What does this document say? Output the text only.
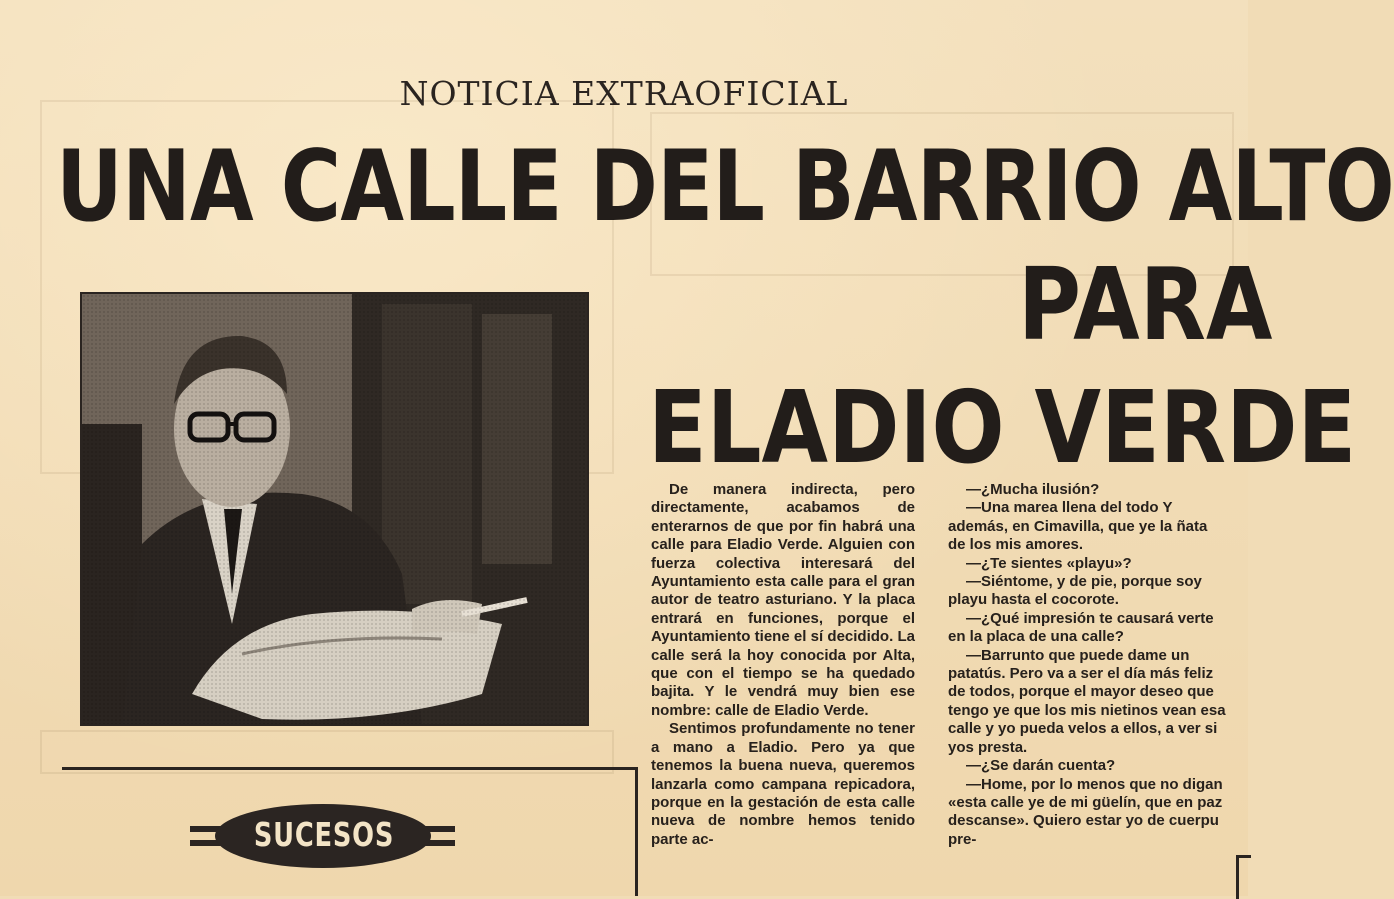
NOTICIA EXTRAOFICIAL
UNA CALLE DEL BARRIO ALTO
PARA
ELADIO VERDE
SUCESOS

De manera indirecta, pero directamente, acabamos de enterarnos de que por fin habrá una calle para Eladio Verde. Alguien con fuerza colectiva interesará del Ayuntamiento esta calle para el gran autor de teatro asturiano. Y la placa entrará en funciones, porque el Ayuntamiento tiene el sí decidido. La calle será la hoy conocida por Alta, que con el tiempo se ha quedado bajita. Y le vendrá muy bien ese nombre: calle de Eladio Verde.

Sentimos profundamente no tener a mano a Eladio. Pero ya que tenemos la buena nueva, queremos lanzarla como campana repicadora, porque en la gestación de esta calle nueva de nombre hemos tenido parte ac-

—¿Mucha ilusión?

—Una marea llena del todo Y además, en Cimavilla, que ye la ñata de los mis amores.

—¿Te sientes «playu»?

—Siéntome, y de pie, porque soy playu hasta el cocorote.

—¿Qué impresión te causará verte en la placa de una calle?

—Barrunto que puede dame un patatús. Pero va a ser el día más feliz de todos, porque el mayor deseo que tengo ye que los mis nietinos vean esa calle y yo pueda velos a ellos, a ver si yos presta.

—¿Se darán cuenta?

—Home, por lo menos que no digan «esta calle ye de mi güelín, que en paz descanse». Quiero estar yo de cuerpu pre-
